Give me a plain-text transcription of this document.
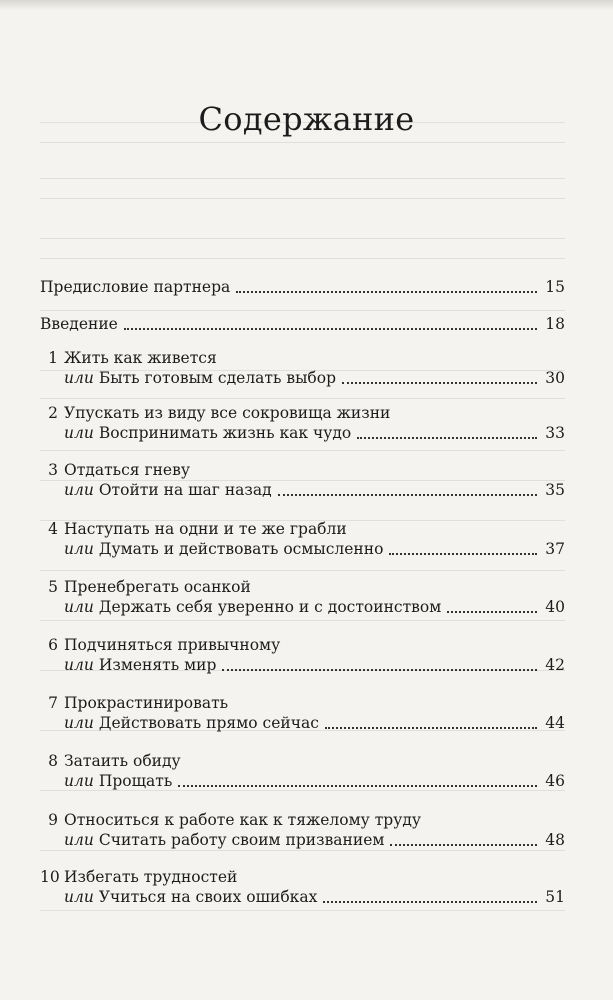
Содержание
Предисловие партнера	15
Введение	18
1 Жить как живется
или Быть готовым сделать выбор	30
2 Упускать из виду все сокровища жизни
или Воспринимать жизнь как чудо	33
3 Отдаться гневу
или Отойти на шаг назад	35
4 Наступать на одни и те же грабли
или Думать и действовать осмысленно	37
5 Пренебрегать осанкой
или Держать себя уверенно и с достоинством	40
6 Подчиняться привычному
или Изменять мир	42
7 Прокрастинировать
или Действовать прямо сейчас	44
8 Затаить обиду
или Прощать	46
9 Относиться к работе как к тяжелому труду
или Считать работу своим призванием	48
10 Избегать трудностей
или Учиться на своих ошибках	51
